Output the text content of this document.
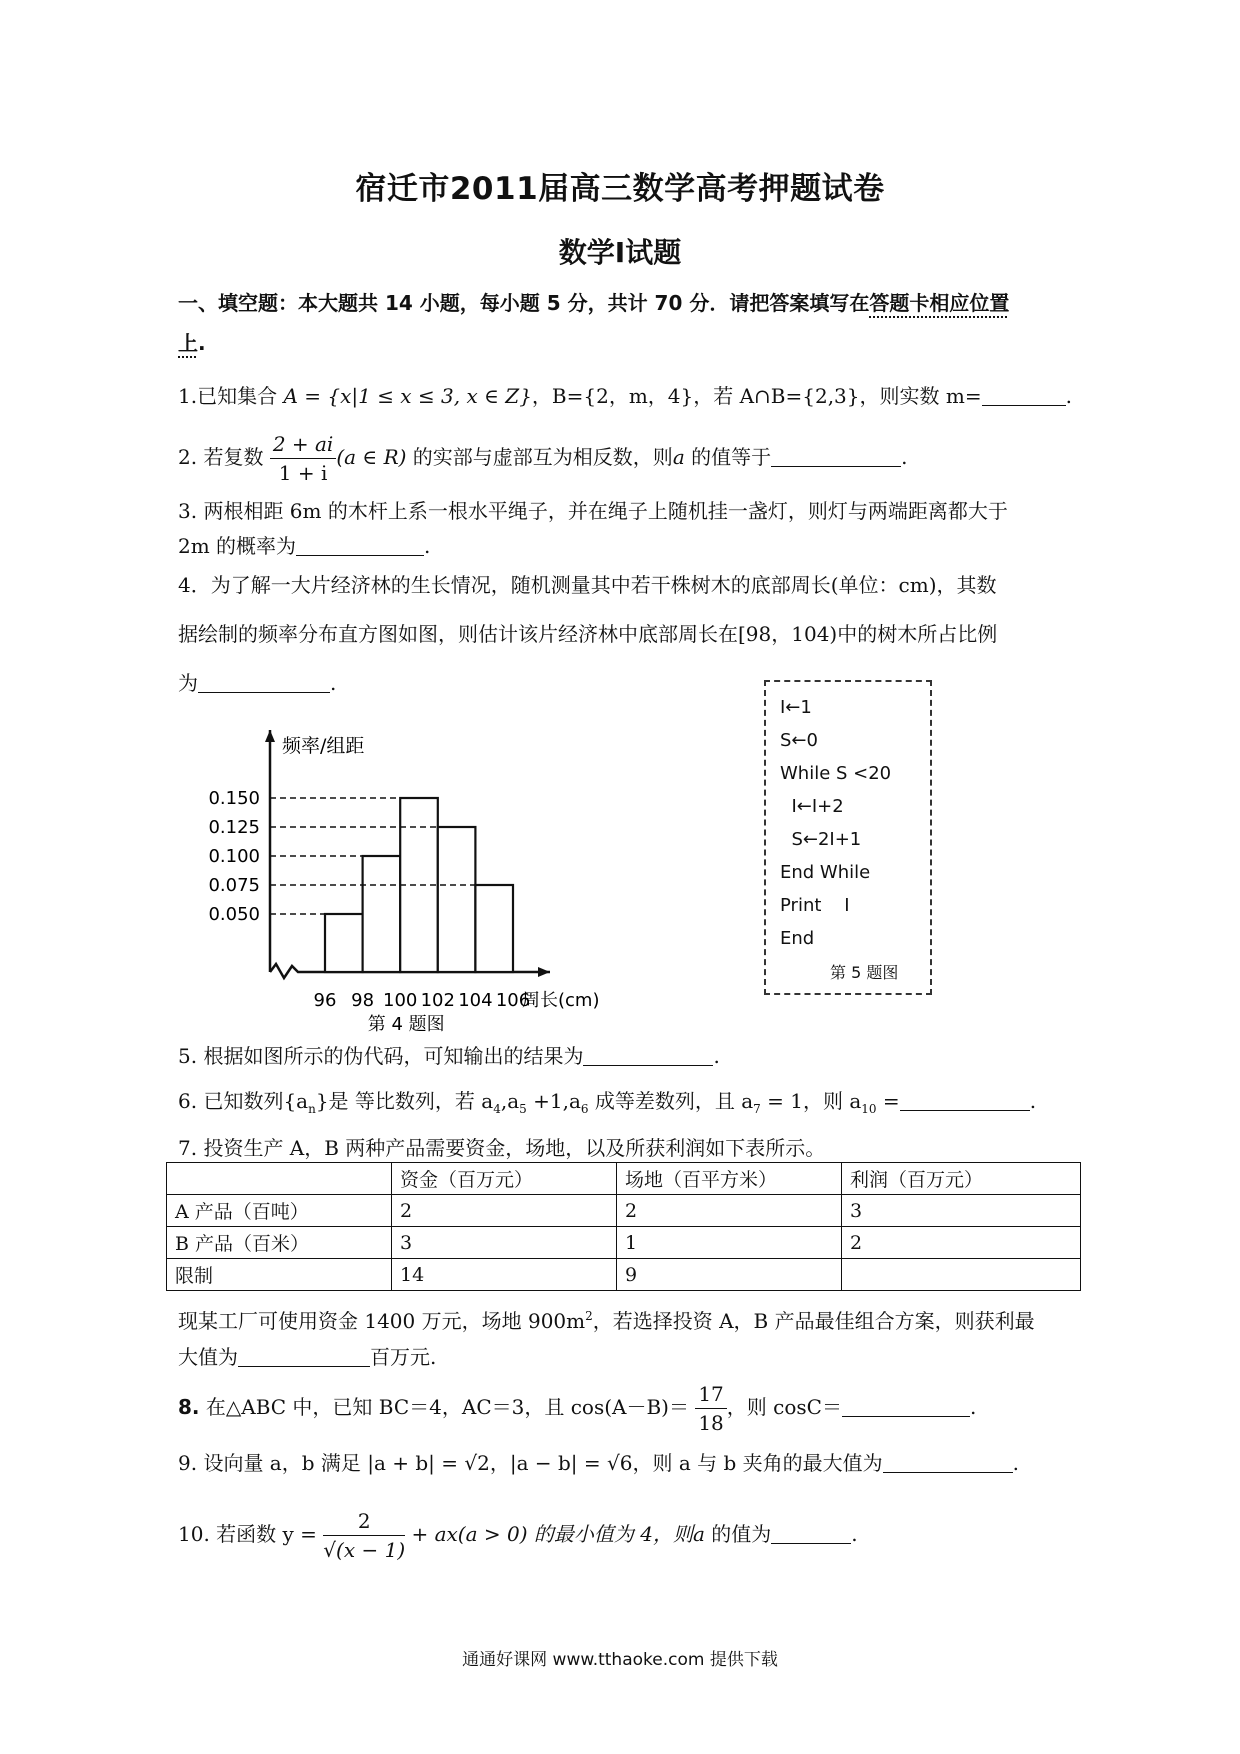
宿迁市2011届高三数学高考押题试卷
数学Ⅰ试题
一、填空题：本大题共 14 小题，每小题 5 分，共计 70 分．请把答案填写在答题卡相应位置
上.
1.已知集合 A = {x|1 ≤ x ≤ 3, x ∈ Z}，B={2，m，4}，若 A∩B={2,3}，则实数 m=	.
2. 若复数 $\frac{2 + ai}{1 + i} (a$ ∈ R) 的实部与虚部互为相反数，则a 的值等于	.
3. 两根相距 6m 的木杆上系一根水平绳子，并在绳子上随机挂一盏灯，则灯与两端距离都大于
2m 的概率为	.
4．为了解一大片经济林的生长情况，随机测量其中若干株树木的底部周长(单位：cm)，其数
据绘制的频率分布直方图如图，则估计该片经济林中底部周长在[98，104)中的树木所占比例
为	.
频率/组距
周长(cm)
0.150
0.125
0.100
0.075
0.050
96 98 100 102 104 106
第 4 题图
I←1
S←0
While S <20
I←I+2
S←2I+1
End While
Print    I
End
第 5 题图
5. 根据如图所示的伪代码，可知输出的结果为	.
6. 已知数列$\{a_n\}$是 等比数列，若 $a_4,a_5 +1,a_6$ 成等差数列，且 $a_7 = 1$，则 $a_{10}$ =	.
7. 投资生产 A，B 两种产品需要资金，场地，以及所获利润如下表所示。
	资金（百万元）	场地（百平方米）	利润（百万元）
A 产品（百吨）	2	2	3
B 产品（百米）	3	1	2
限制	14	9	
现某工厂可使用资金 1400 万元，场地 $900m^2$，若选择投资 A，B 产品最佳组合方案，则获利最
大值为	百万元.
8. 在△ABC 中，已知 BC＝4，AC＝3，且 $\cos(A-B)= \frac{17}{18}$ ，则 cosC＝	.
9. 设向量 a，b 满足 |a + b| = √2，|a − b| = √6，则 a 与 b 夹角的最大值为	.
10. 若函数 $y = \frac{2}{√(x - 1)} + ax(a > 0)$ 的最小值为 4，则a 的值为	.
通通好课网 www.tthaoke.com 提供下载
